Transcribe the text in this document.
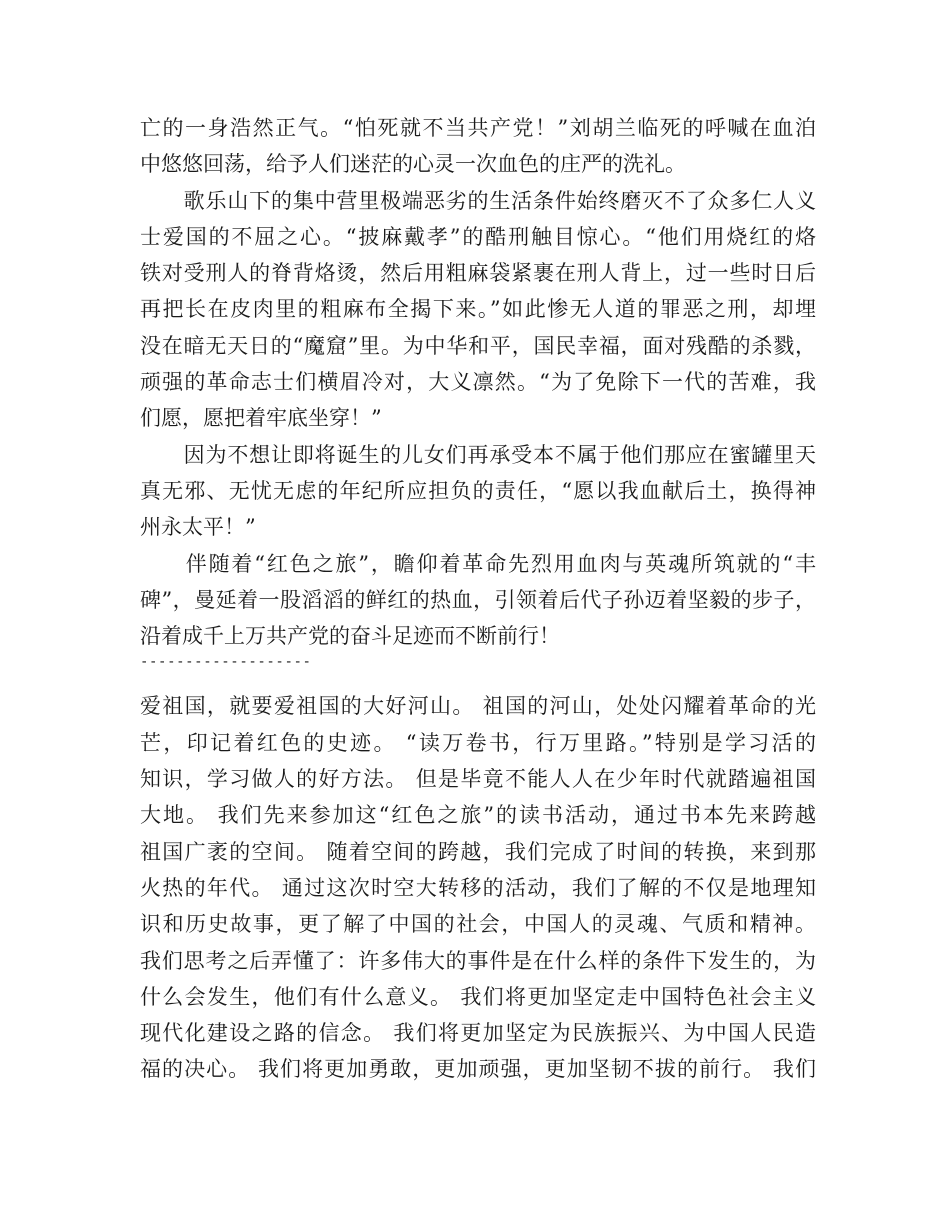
亡的一身浩然正气。“怕死就不当共产党！”刘胡兰临死的呼喊在血泊
中悠悠回荡，给予人们迷茫的心灵一次血色的庄严的洗礼。
　　歌乐山下的集中营里极端恶劣的生活条件始终磨灭不了众多仁人义
士爱国的不屈之心。“披麻戴孝”的酷刑触目惊心。“他们用烧红的烙
铁对受刑人的脊背烙烫，然后用粗麻袋紧裹在刑人背上，过一些时日后
再把长在皮肉里的粗麻布全揭下来。”如此惨无人道的罪恶之刑，却埋
没在暗无天日的“魔窟”里。为中华和平，国民幸福，面对残酷的杀戮，
顽强的革命志士们横眉冷对，大义凛然。“为了免除下一代的苦难，我
们愿，愿把着牢底坐穿！”
　　因为不想让即将诞生的儿女们再承受本不属于他们那应在蜜罐里天
真无邪、无忧无虑的年纪所应担负的责任，“愿以我血献后土，换得神
州永太平！”
　　伴随着“红色之旅”，瞻仰着革命先烈用血肉与英魂所筑就的“丰
碑”，曼延着一股滔滔的鲜红的热血，引领着后代子孙迈着坚毅的步子，
沿着成千上万共产党的奋斗足迹而不断前行！
-------------------
爱祖国，就要爱祖国的大好河山。 祖国的河山，处处闪耀着革命的光
芒，印记着红色的史迹。 “读万卷书，行万里路。”特别是学习活的
知识，学习做人的好方法。 但是毕竟不能人人在少年时代就踏遍祖国
大地。 我们先来参加这“红色之旅”的读书活动，通过书本先来跨越
祖国广袤的空间。 随着空间的跨越，我们完成了时间的转换，来到那
火热的年代。 通过这次时空大转移的活动，我们了解的不仅是地理知
识和历史故事，更了解了中国的社会，中国人的灵魂、气质和精神。
我们思考之后弄懂了：许多伟大的事件是在什么样的条件下发生的，为
什么会发生，他们有什么意义。 我们将更加坚定走中国特色社会主义
现代化建设之路的信念。 我们将更加坚定为民族振兴、为中国人民造
福的决心。 我们将更加勇敢，更加顽强，更加坚韧不拔的前行。 我们
